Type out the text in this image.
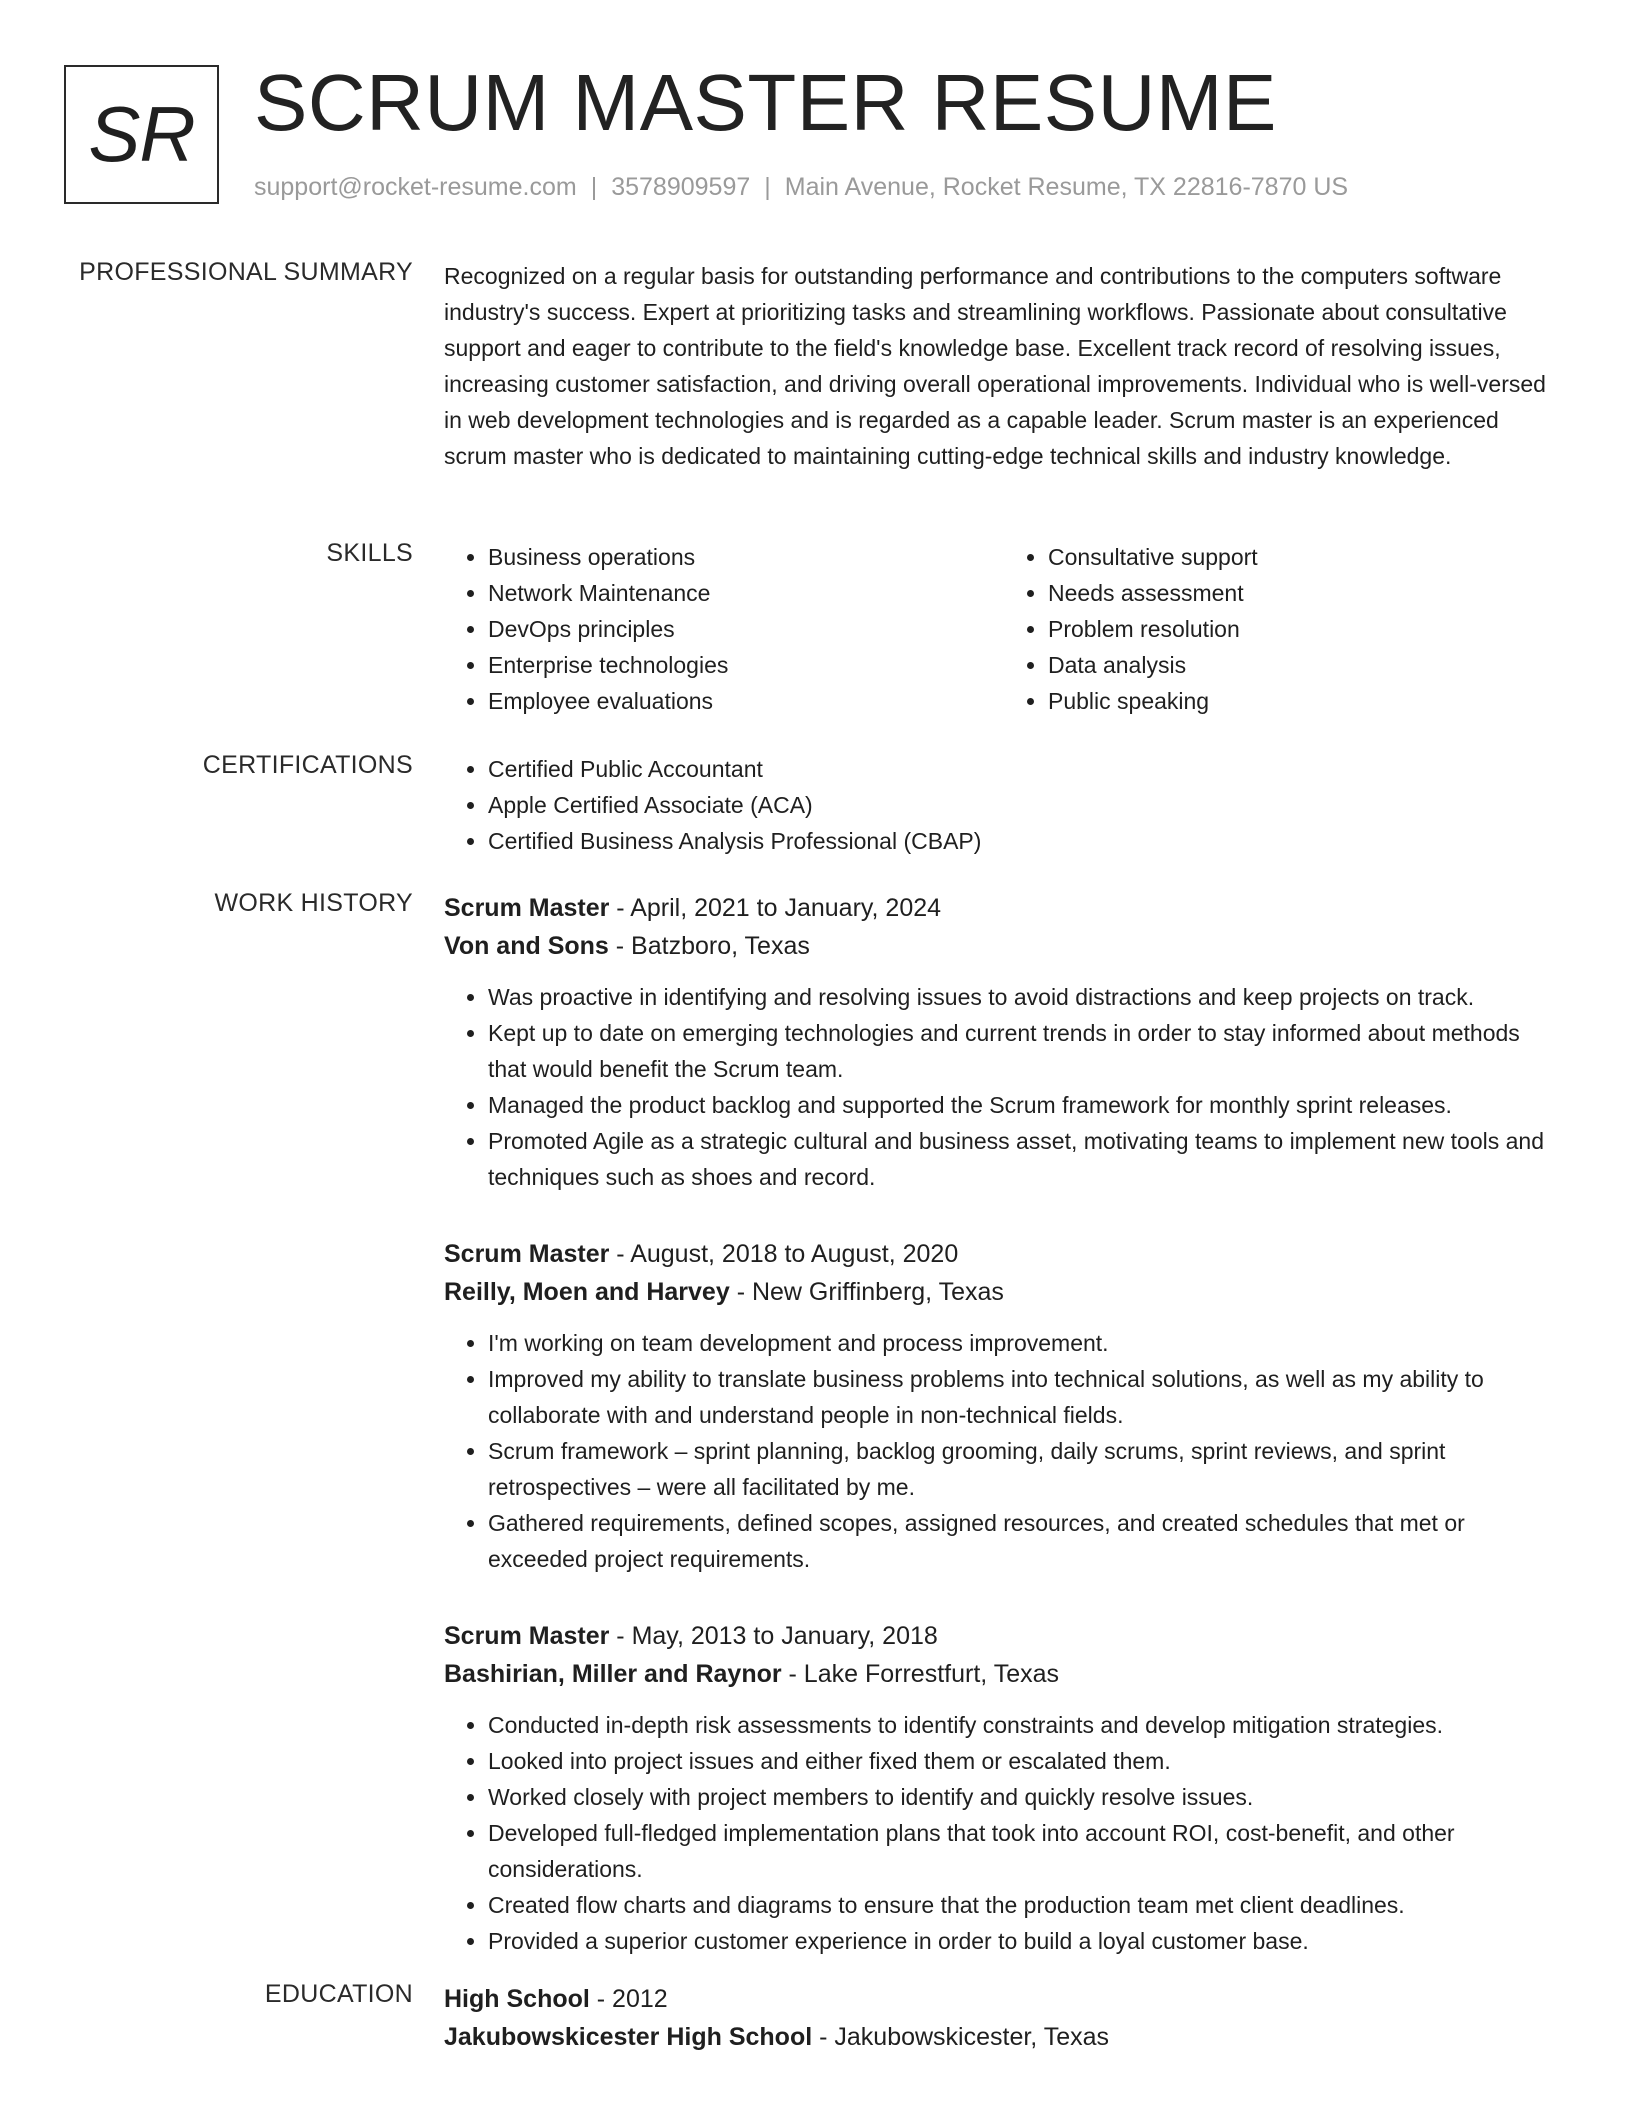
SR SCRUM MASTER RESUME
support@rocket-resume.com | 3578909597 | Main Avenue, Rocket Resume, TX 22816-7870 US
PROFESSIONAL SUMMARY Recognized on a regular basis for outstanding performance and contributions to the computers software industry's success. Expert at prioritizing tasks and streamlining workflows. Passionate about consultative support and eager to contribute to the field's knowledge base. Excellent track record of resolving issues, increasing customer satisfaction, and driving overall operational improvements. Individual who is well-versed in web development technologies and is regarded as a capable leader. Scrum master is an experienced scrum master who is dedicated to maintaining cutting-edge technical skills and industry knowledge.
SKILLS	• Business operations
• Network Maintenance
• DevOps principles
• Enterprise technologies
• Employee evaluations
• Consultative support
• Needs assessment
• Problem resolution
• Data analysis
• Public speaking
CERTIFICATIONS	• Certified Public Accountant
• Apple Certified Associate (ACA)
• Certified Business Analysis Professional (CBAP)
WORK HISTORY Scrum Master - April, 2021 to January, 2024
Von and Sons - Batzboro, Texas
• Was proactive in identifying and resolving issues to avoid distractions and keep projects on track.
• Kept up to date on emerging technologies and current trends in order to stay informed about methods that would benefit the Scrum team.
• Managed the product backlog and supported the Scrum framework for monthly sprint releases.
• Promoted Agile as a strategic cultural and business asset, motivating teams to implement new tools and techniques such as shoes and record.
Scrum Master - August, 2018 to August, 2020
Reilly, Moen and Harvey - New Griffinberg, Texas
• I'm working on team development and process improvement.
• Improved my ability to translate business problems into technical solutions, as well as my ability to collaborate with and understand people in non-technical fields.
• Scrum framework – sprint planning, backlog grooming, daily scrums, sprint reviews, and sprint retrospectives – were all facilitated by me.
• Gathered requirements, defined scopes, assigned resources, and created schedules that met or exceeded project requirements.
Scrum Master - May, 2013 to January, 2018
Bashirian, Miller and Raynor - Lake Forrestfurt, Texas
• Conducted in-depth risk assessments to identify constraints and develop mitigation strategies.
• Looked into project issues and either fixed them or escalated them.
• Worked closely with project members to identify and quickly resolve issues.
• Developed full-fledged implementation plans that took into account ROI, cost-benefit, and other considerations.
• Created flow charts and diagrams to ensure that the production team met client deadlines.
• Provided a superior customer experience in order to build a loyal customer base.
EDUCATION High School - 2012
Jakubowskicester High School - Jakubowskicester, Texas
